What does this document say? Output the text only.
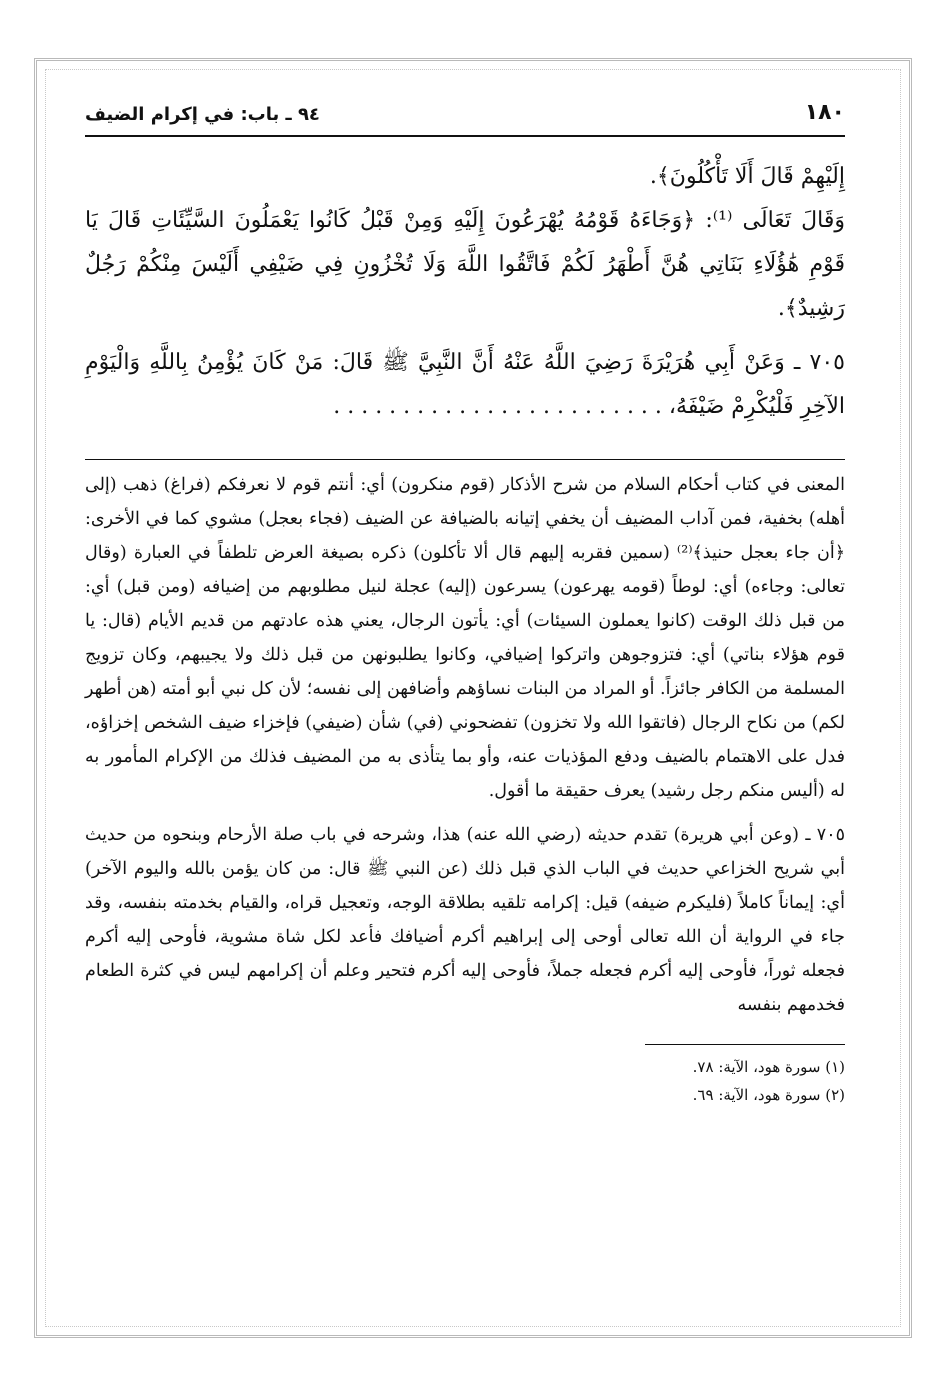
١٨٠
٩٤ ـ باب: في إكرام الضيف

إِلَيْهِمْ قَالَ أَلَا تَأْكُلُونَ﴾.

وَقَالَ تَعَالَى ⁽¹⁾: ﴿وَجَاءَهُ قَوْمُهُ يُهْرَعُونَ إِلَيْهِ وَمِنْ قَبْلُ كَانُوا يَعْمَلُونَ السَّيِّئَاتِ قَالَ يَا قَوْمِ هَٰؤُلَاءِ بَنَاتِي هُنَّ أَطْهَرُ لَكُمْ فَاتَّقُوا اللَّهَ وَلَا تُخْزُونِ فِي ضَيْفِي أَلَيْسَ مِنْكُمْ رَجُلٌ رَشِيدٌ﴾.

٧٠٥ ـ وَعَنْ أَبِي هُرَيْرَةَ رَضِيَ اللَّهُ عَنْهُ أَنَّ النَّبِيَّ ﷺ قَالَ: مَنْ كَانَ يُؤْمِنُ بِاللَّهِ وَالْيَوْمِ الآخِرِ فَلْيُكْرِمْ ضَيْفَهُ، . . . . . . . . . . . . . . . . . . . . . . . .

المعنى في كتاب أحكام السلام من شرح الأذكار (قوم منكرون) أي: أنتم قوم لا نعرفكم (فراغ) ذهب (إلى أهله) بخفية، فمن آداب المضيف أن يخفي إتيانه بالضيافة عن الضيف (فجاء بعجل) مشوي كما في الأخرى: ﴿أن جاء بعجل حنيذ﴾⁽²⁾ (سمين فقربه إليهم قال ألا تأكلون) ذكره بصيغة العرض تلطفاً في العبارة (وقال تعالى: وجاءه) أي: لوطاً (قومه يهرعون) يسرعون (إليه) عجلة لنيل مطلوبهم من إضيافه (ومن قبل) أي: من قبل ذلك الوقت (كانوا يعملون السيئات) أي: يأتون الرجال، يعني هذه عادتهم من قديم الأيام (قال: يا قوم هؤلاء بناتي) أي: فتزوجوهن واتركوا إضيافي، وكانوا يطلبونهن من قبل ذلك ولا يجيبهم، وكان تزويج المسلمة من الكافر جائزاً. أو المراد من البنات نساؤهم وأضافهن إلى نفسه؛ لأن كل نبي أبو أمته (هن أطهر لكم) من نكاح الرجال (فاتقوا الله ولا تخزون) تفضحوني (في) شأن (ضيفي) فإخزاء ضيف الشخص إخزاؤه، فدل على الاهتمام بالضيف ودفع المؤذيات عنه، وأو بما يتأذى به من المضيف فذلك من الإكرام المأمور به له (أليس منكم رجل رشيد) يعرف حقيقة ما أقول.

٧٠٥ ـ (وعن أبي هريرة) تقدم حديثه (رضي الله عنه) هذا، وشرحه في باب صلة الأرحام وبنحوه من حديث أبي شريح الخزاعي حديث في الباب الذي قبل ذلك (عن النبي ﷺ قال: من كان يؤمن بالله واليوم الآخر) أي: إيماناً كاملاً (فليكرم ضيفه) قيل: إكرامه تلقيه بطلاقة الوجه، وتعجيل قراه، والقيام بخدمته بنفسه، وقد جاء في الرواية أن الله تعالى أوحى إلى إبراهيم أكرم أضيافك فأعد لكل شاة مشوية، فأوحى إليه أكرم فجعله ثوراً، فأوحى إليه أكرم فجعله جملاً، فأوحى إليه أكرم فتحير وعلم أن إكرامهم ليس في كثرة الطعام فخدمهم بنفسه

(١) سورة هود، الآية: ٧٨.

(٢) سورة هود، الآية: ٦٩.
